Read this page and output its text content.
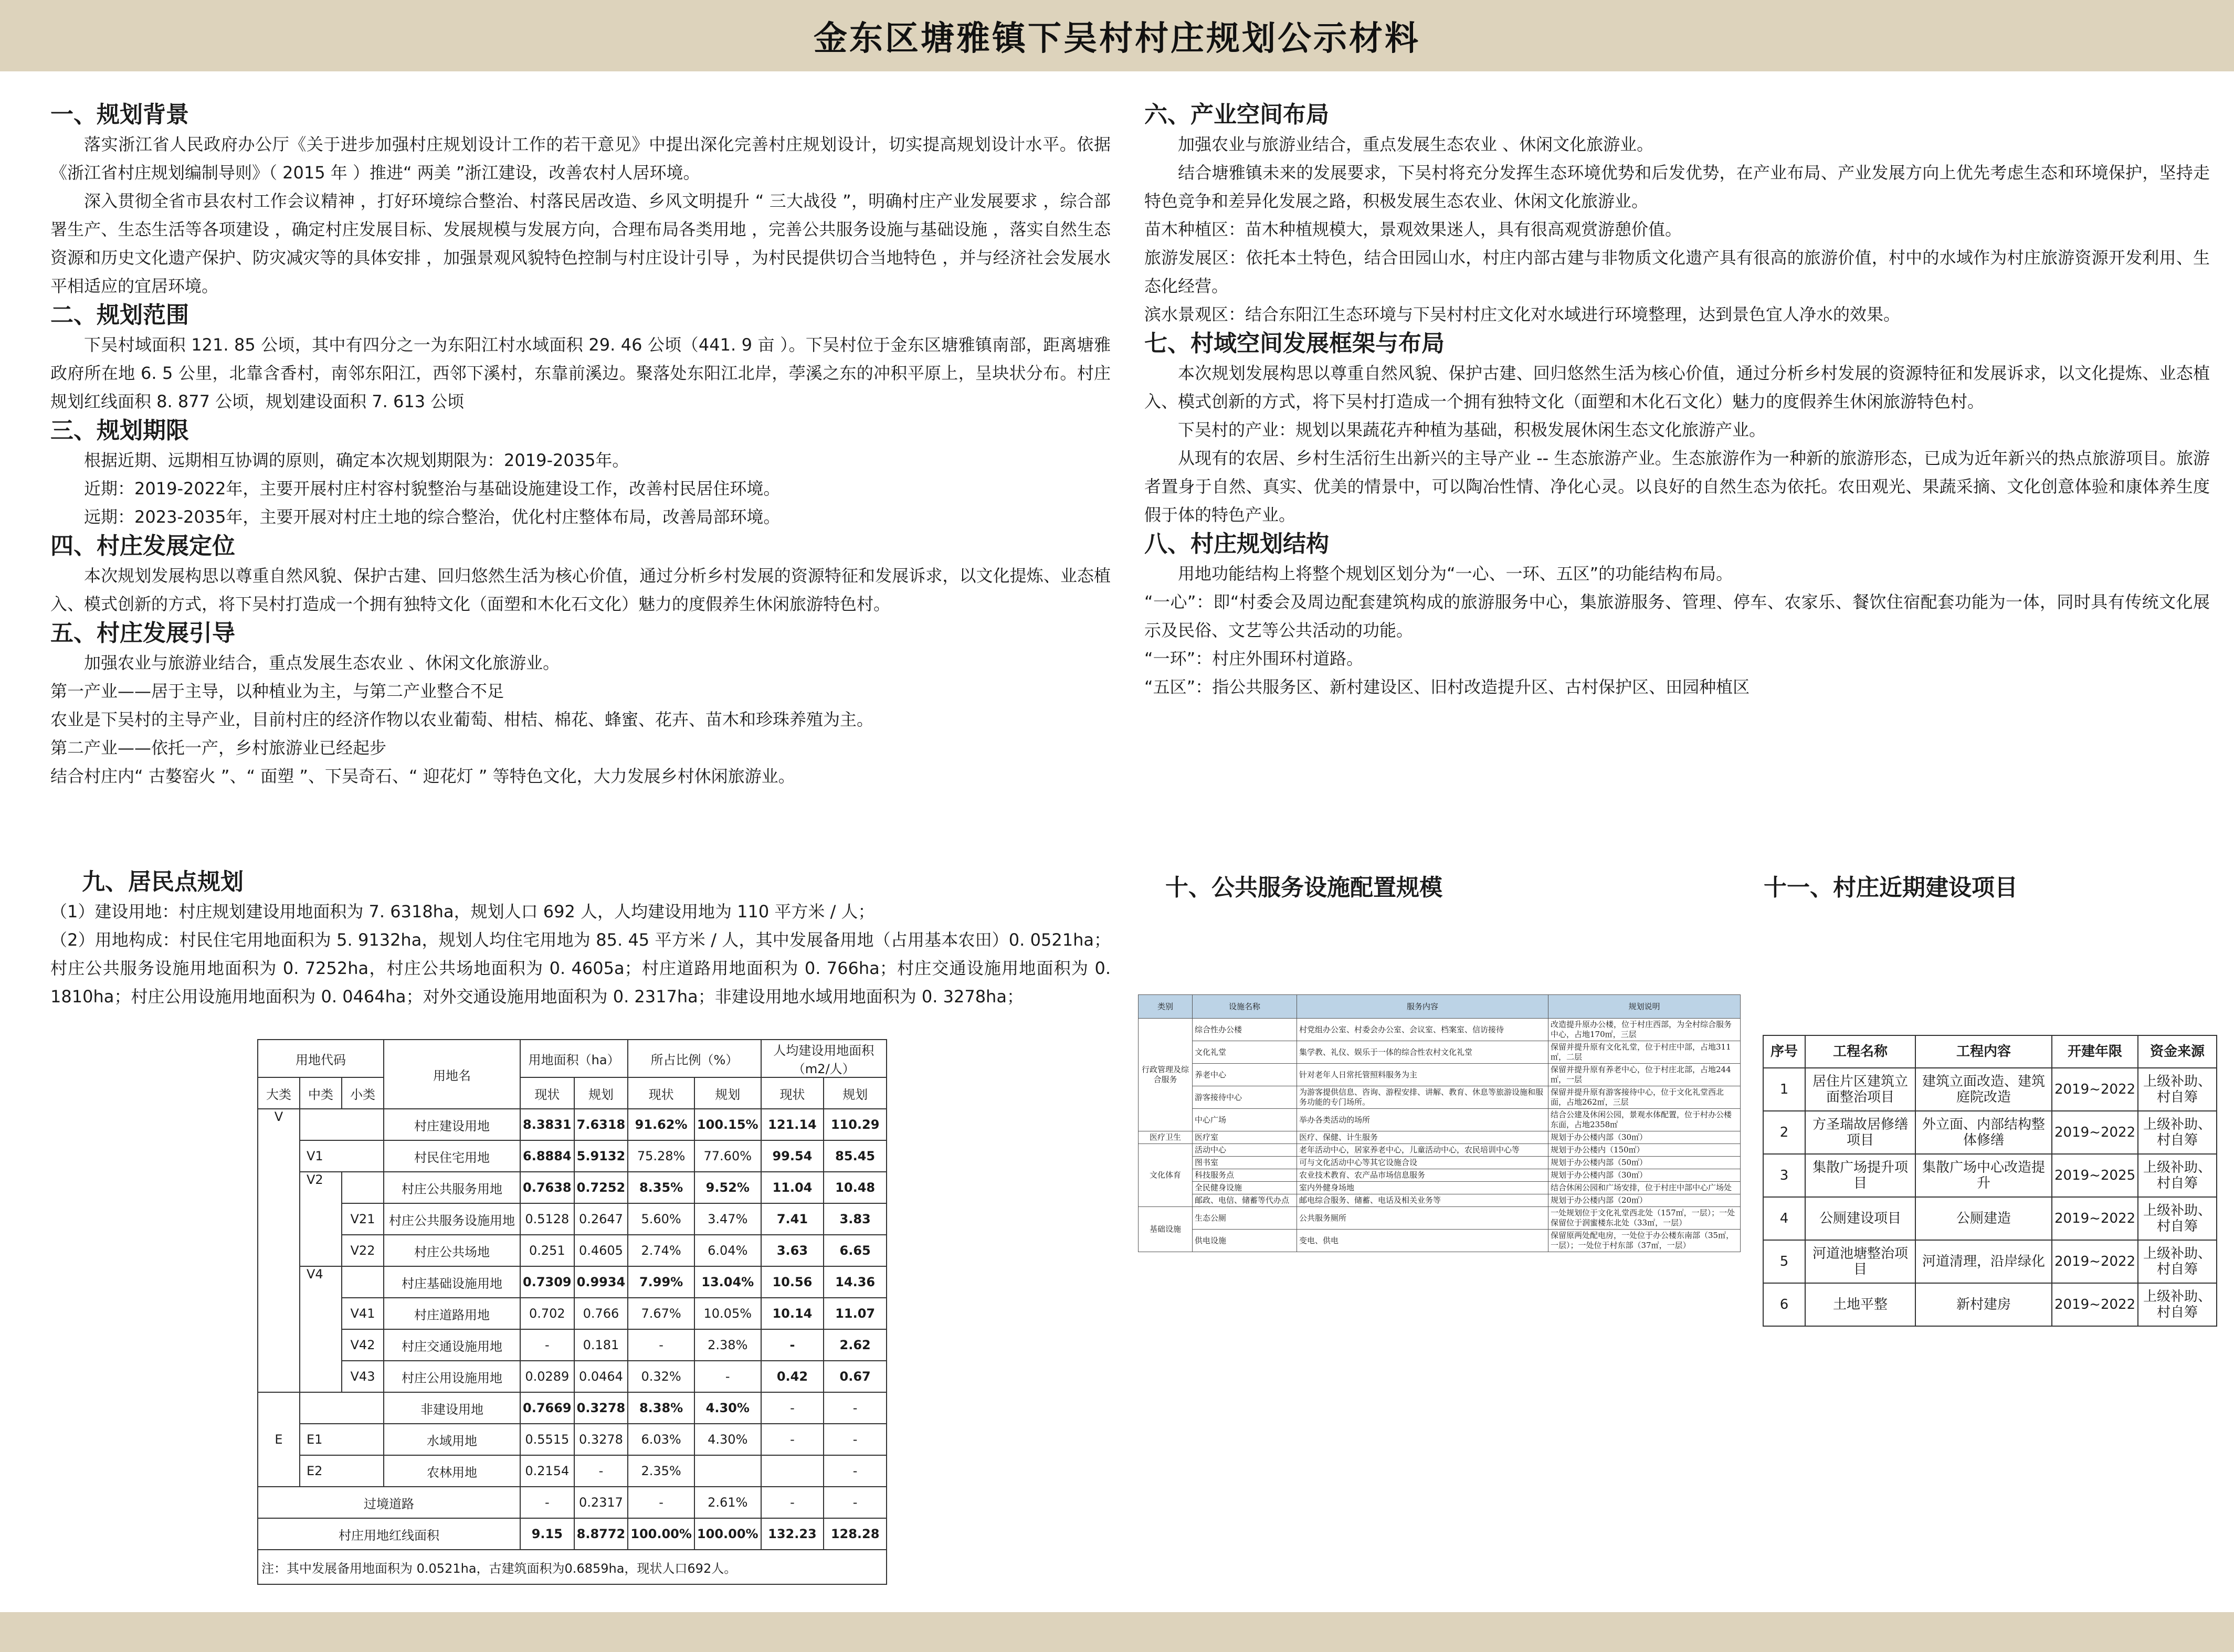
金东区塘雅镇下吴村村庄规划公示材料

一、规划背景

落实浙江省人民政府办公厅《关于进步加强村庄规划设计工作的若干意见》中提出深化完善村庄规划设计，切实提高规划设计水平。依据《浙江省村庄规划编制导则》（ 2015 年 ）推进“ 两美 ”浙江建设，改善农村人居环境。

深入贯彻全省市县农村工作会议精神 ，打好环境综合整治、村落民居改造、乡风文明提升 “ 三大战役 ”，明确村庄产业发展要求 ，综合部署生产、生态生活等各项建设 ，确定村庄发展目标、发展规模与发展方向，合理布局各类用地 ，完善公共服务设施与基础设施 ，落实自然生态资源和历史文化遗产保护、防灾减灾等的具体安排 ，加强景观风貌特色控制与村庄设计引导 ，为村民提供切合当地特色 ，并与经济社会发展水平相适应的宜居环境。

二、规划范围

下吴村域面积 121. 85 公顷，其中有四分之一为东阳江村水域面积 29. 46 公顷（441. 9 亩 ）。下吴村位于金东区塘雅镇南部，距离塘雅政府所在地 6. 5 公里，北靠含香村，南邻东阳江，西邻下溪村，东靠前溪边。聚落处东阳江北岸，荸溪之东的冲积平原上，呈块状分布。村庄规划红线面积 8. 877 公顷，规划建设面积 7. 613 公顷

三、规划期限

根据近期、远期相互协调的原则，确定本次规划期限为：2019-2035年。

近期：2019-2022年，主要开展村庄村容村貌整治与基础设施建设工作，改善村民居住环境。

远期：2023-2035年，主要开展对村庄土地的综合整治，优化村庄整体布局，改善局部环境。

四、村庄发展定位

本次规划发展构思以尊重自然风貌、保护古建、回归悠然生活为核心价值，通过分析乡村发展的资源特征和发展诉求，以文化提炼、业态植入、模式创新的方式，将下吴村打造成一个拥有独特文化（面塑和木化石文化）魅力的度假养生休闲旅游特色村。

五、村庄发展引导

加强农业与旅游业结合，重点发展生态农业 、休闲文化旅游业。

第一产业——居于主导，以种植业为主，与第二产业整合不足

农业是下吴村的主导产业，目前村庄的经济作物以农业葡萄、柑桔、棉花、蜂蜜、花卉、苗木和珍珠养殖为主。

第二产业——依托一产，乡村旅游业已经起步

结合村庄内“ 古嫯窑火 ”、“ 面塑 ”、下吴奇石、“ 迎花灯 ” 等特色文化，大力发展乡村休闲旅游业。

六、产业空间布局

加强农业与旅游业结合，重点发展生态农业 、休闲文化旅游业。

结合塘雅镇未来的发展要求，下吴村将充分发挥生态环境优势和后发优势，在产业布局、产业发展方向上优先考虑生态和环境保护，坚持走特色竞争和差异化发展之路，积极发展生态农业、休闲文化旅游业。

苗木种植区：苗木种植规模大，景观效果迷人，具有很高观赏游憩价值。

旅游发展区：依托本土特色，结合田园山水，村庄内部古建与非物质文化遗产具有很高的旅游价值，村中的水域作为村庄旅游资源开发利用、生态化经营。

滨水景观区：结合东阳江生态环境与下吴村村庄文化对水域进行环境整理，达到景色宜人净水的效果。

七、村域空间发展框架与布局

本次规划发展构思以尊重自然风貌、保护古建、回归悠然生活为核心价值，通过分析乡村发展的资源特征和发展诉求，以文化提炼、业态植入、模式创新的方式，将下吴村打造成一个拥有独特文化（面塑和木化石文化）魅力的度假养生休闲旅游特色村。

下吴村的产业：规划以果蔬花卉种植为基础，积极发展休闲生态文化旅游产业。

从现有的农居、乡村生活衍生出新兴的主导产业 -- 生态旅游产业。生态旅游作为一种新的旅游形态，已成为近年新兴的热点旅游项目。旅游者置身于自然、真实、优美的情景中，可以陶冶性情、净化心灵。以良好的自然生态为依托。农田观光、果蔬采摘、文化创意体验和康体养生度假于体的特色产业。

八、村庄规划结构

用地功能结构上将整个规划区划分为“一心、一环、五区”的功能结构布局。

“一心”：即“村委会及周边配套建筑构成的旅游服务中心，集旅游服务、管理、停车、农家乐、餐饮住宿配套功能为一体，同时具有传统文化展示及民俗、文艺等公共活动的功能。

“一环”：村庄外围环村道路。

“五区”：指公共服务区、新村建设区、旧村改造提升区、古村保护区、田园种植区

九、居民点规划

（1）建设用地：村庄规划建设用地面积为 7. 6318ha，规划人口 692 人，人均建设用地为 110 平方米 / 人；

（2）用地构成：村民住宅用地面积为 5. 9132ha，规划人均住宅用地为 85. 45 平方米 / 人，其中发展备用地（占用基本农田）0. 0521ha；村庄公共服务设施用地面积为 0. 7252ha，村庄公共场地面积为 0. 4605a；村庄道路用地面积为 0. 766ha；村庄交通设施用地面积为 0. 1810ha；村庄公用设施用地面积为 0. 0464ha；对外交通设施用地面积为 0. 2317ha；非建设用地水域用地面积为 0. 3278ha；

用地代码			用地名	用地面积（ha）		所占比例（%）		人均建设用地面积（m2/人）	
大类	中类	小类		现状	规划	现状	规划	现状	规划
V			村庄建设用地	8.3831	7.6318	91.62%	100.15%	121.14	110.29
	V1		村民住宅用地	6.8884	5.9132	75.28%	77.60%	99.54	85.45
	V2		村庄公共服务用地	0.7638	0.7252	8.35%	9.52%	11.04	10.48
		V21	村庄公共服务设施用地	0.5128	0.2647	5.60%	3.47%	7.41	3.83
		V22	村庄公共场地	0.251	0.4605	2.74%	6.04%	3.63	6.65
	V4		村庄基础设施用地	0.7309	0.9934	7.99%	13.04%	10.56	14.36
		V41	村庄道路用地	0.702	0.766	7.67%	10.05%	10.14	11.07
		V42	村庄交通设施用地	-	0.181	-	2.38%	-	2.62
		V43	村庄公用设施用地	0.0289	0.0464	0.32%	-	0.42	0.67
E			非建设用地	0.7669	0.3278	8.38%	4.30%	-	-
	E1		水域用地	0.5515	0.3278	6.03%	4.30%	-	-
	E2		农林用地	0.2154	-	2.35%			-
过境道路				-	0.2317	-	2.61%	-	-
村庄用地红线面积				9.15	8.8772	100.00%	100.00%	132.23	128.28
注：其中发展备用地面积为 0.0521ha，古建筑面积为0.6859ha，现状人口692人。									
十、公共服务设施配置规模
类别	设施名称	服务内容	规划说明
行政管理及综合服务	综合性办公楼	村党组办公室、村委会办公室、会议室、档案室、信访接待	改造提升原办公楼，位于村庄西部，为全村综合服务中心，占地170㎡，三层
	文化礼堂	集学教、礼仪、娱乐于一体的综合性农村文化礼堂	保留并提升原有文化礼堂，位于村庄中部，占地311㎡，二层
	养老中心	针对老年人日常托管照料服务为主	保留并提升原有养老中心，位于村庄北部，占地244㎡，一层
	游客接待中心	为游客提供信息、咨询、游程安排、讲解、教育、休息等旅游设施和服务功能的专门场所。	保留并提升原有游客接待中心，位于文化礼堂西北面，占地262㎡，三层
	中心广场	举办各类活动的场所	结合公建及休闲公园，景观水体配置，位于村办公楼东面，占地2358㎡
医疗卫生	医疗室	医疗、保健、计生服务	规划于办公楼内部（30㎡）
文化体育	活动中心	老年活动中心，居家养老中心，儿童活动中心，农民培训中心等	规划于办公楼内（150㎡）
	图书室	可与文化活动中心等其它设施合设	规划于办公楼内部（50㎡）
	科技服务点	农业技术教育、农产品市场信息服务	规划于办公楼内部（30㎡）
	全民健身设施	室内外健身场地	结合休闲公园和广场安排，位于村庄中部中心广场处
	邮政、电信、储蓄等代办点	邮电综合服务、储蓄、电话及相关业务等	规划于办公楼内部（20㎡）
基础设施	生态公厕	公共服务厕所	一处规划位于文化礼堂西北处（157㎡，一层）；一处保留位于润蜜楼东北处（33㎡，一层）
	供电设施	变电、供电	保留原两处配电房，一处位于办公楼东南部（35㎡，一层）；一处位于村东部（37㎡，一层）
十一、村庄近期建设项目
序号	工程名称	工程内容	开建年限	资金来源
1	居住片区建筑立面整治项目	建筑立面改造、建筑庭院改造	2019~2022	上级补助、村自筹
2	方圣瑞故居修缮项目	外立面、内部结构整体修缮	2019~2022	上级补助、村自筹
3	集散广场提升项目	集散广场中心改造提升	2019~2025	上级补助、村自筹
4	公厕建设项目	公厕建造	2019~2022	上级补助、村自筹
5	河道池塘整治项目	河道清理，沿岸绿化	2019~2022	上级补助、村自筹
6	土地平整	新村建房	2019~2022	上级补助、村自筹
